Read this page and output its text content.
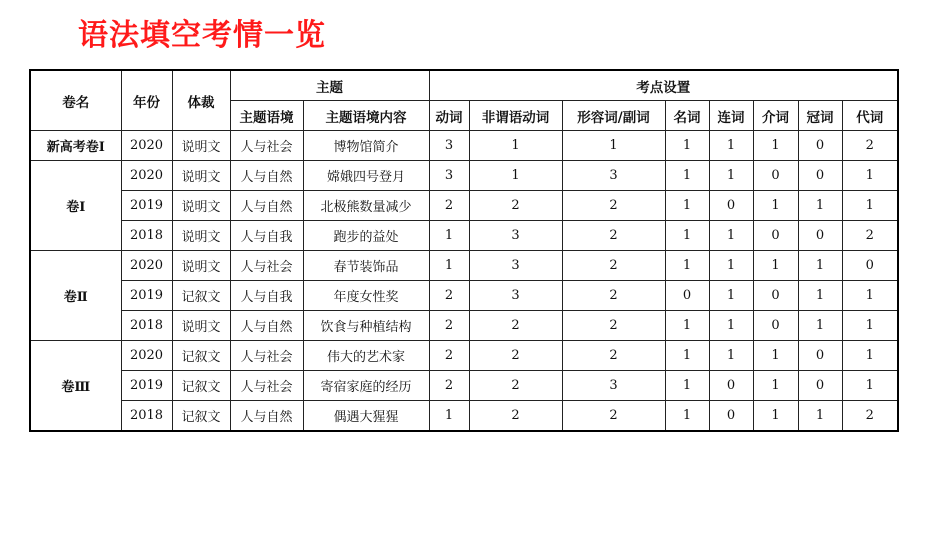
语法填空考情一览
卷名	年份	体裁	主题		考点设置							
			主题语境	主题语境内容	动词	非谓语动词	形容词/副词	名词	连词	介词	冠词	代词
新高考卷Ⅰ	2020	说明文	人与社会	博物馆简介	3	1	1	1	1	1	0	2
卷Ⅰ	2020	说明文	人与自然	嫦娥四号登月	3	1	3	1	1	0	0	1
	2019	说明文	人与自然	北极熊数量减少	2	2	2	1	0	1	1	1
	2018	说明文	人与自我	跑步的益处	1	3	2	1	1	0	0	2
卷Ⅱ	2020	说明文	人与社会	春节装饰品	1	3	2	1	1	1	1	0
	2019	记叙文	人与自我	年度女性奖	2	3	2	0	1	0	1	1
	2018	说明文	人与自然	饮食与种植结构	2	2	2	1	1	0	1	1
卷Ⅲ	2020	记叙文	人与社会	伟大的艺术家	2	2	2	1	1	1	0	1
	2019	记叙文	人与社会	寄宿家庭的经历	2	2	3	1	0	1	0	1
	2018	记叙文	人与自然	偶遇大猩猩	1	2	2	1	0	1	1	2
